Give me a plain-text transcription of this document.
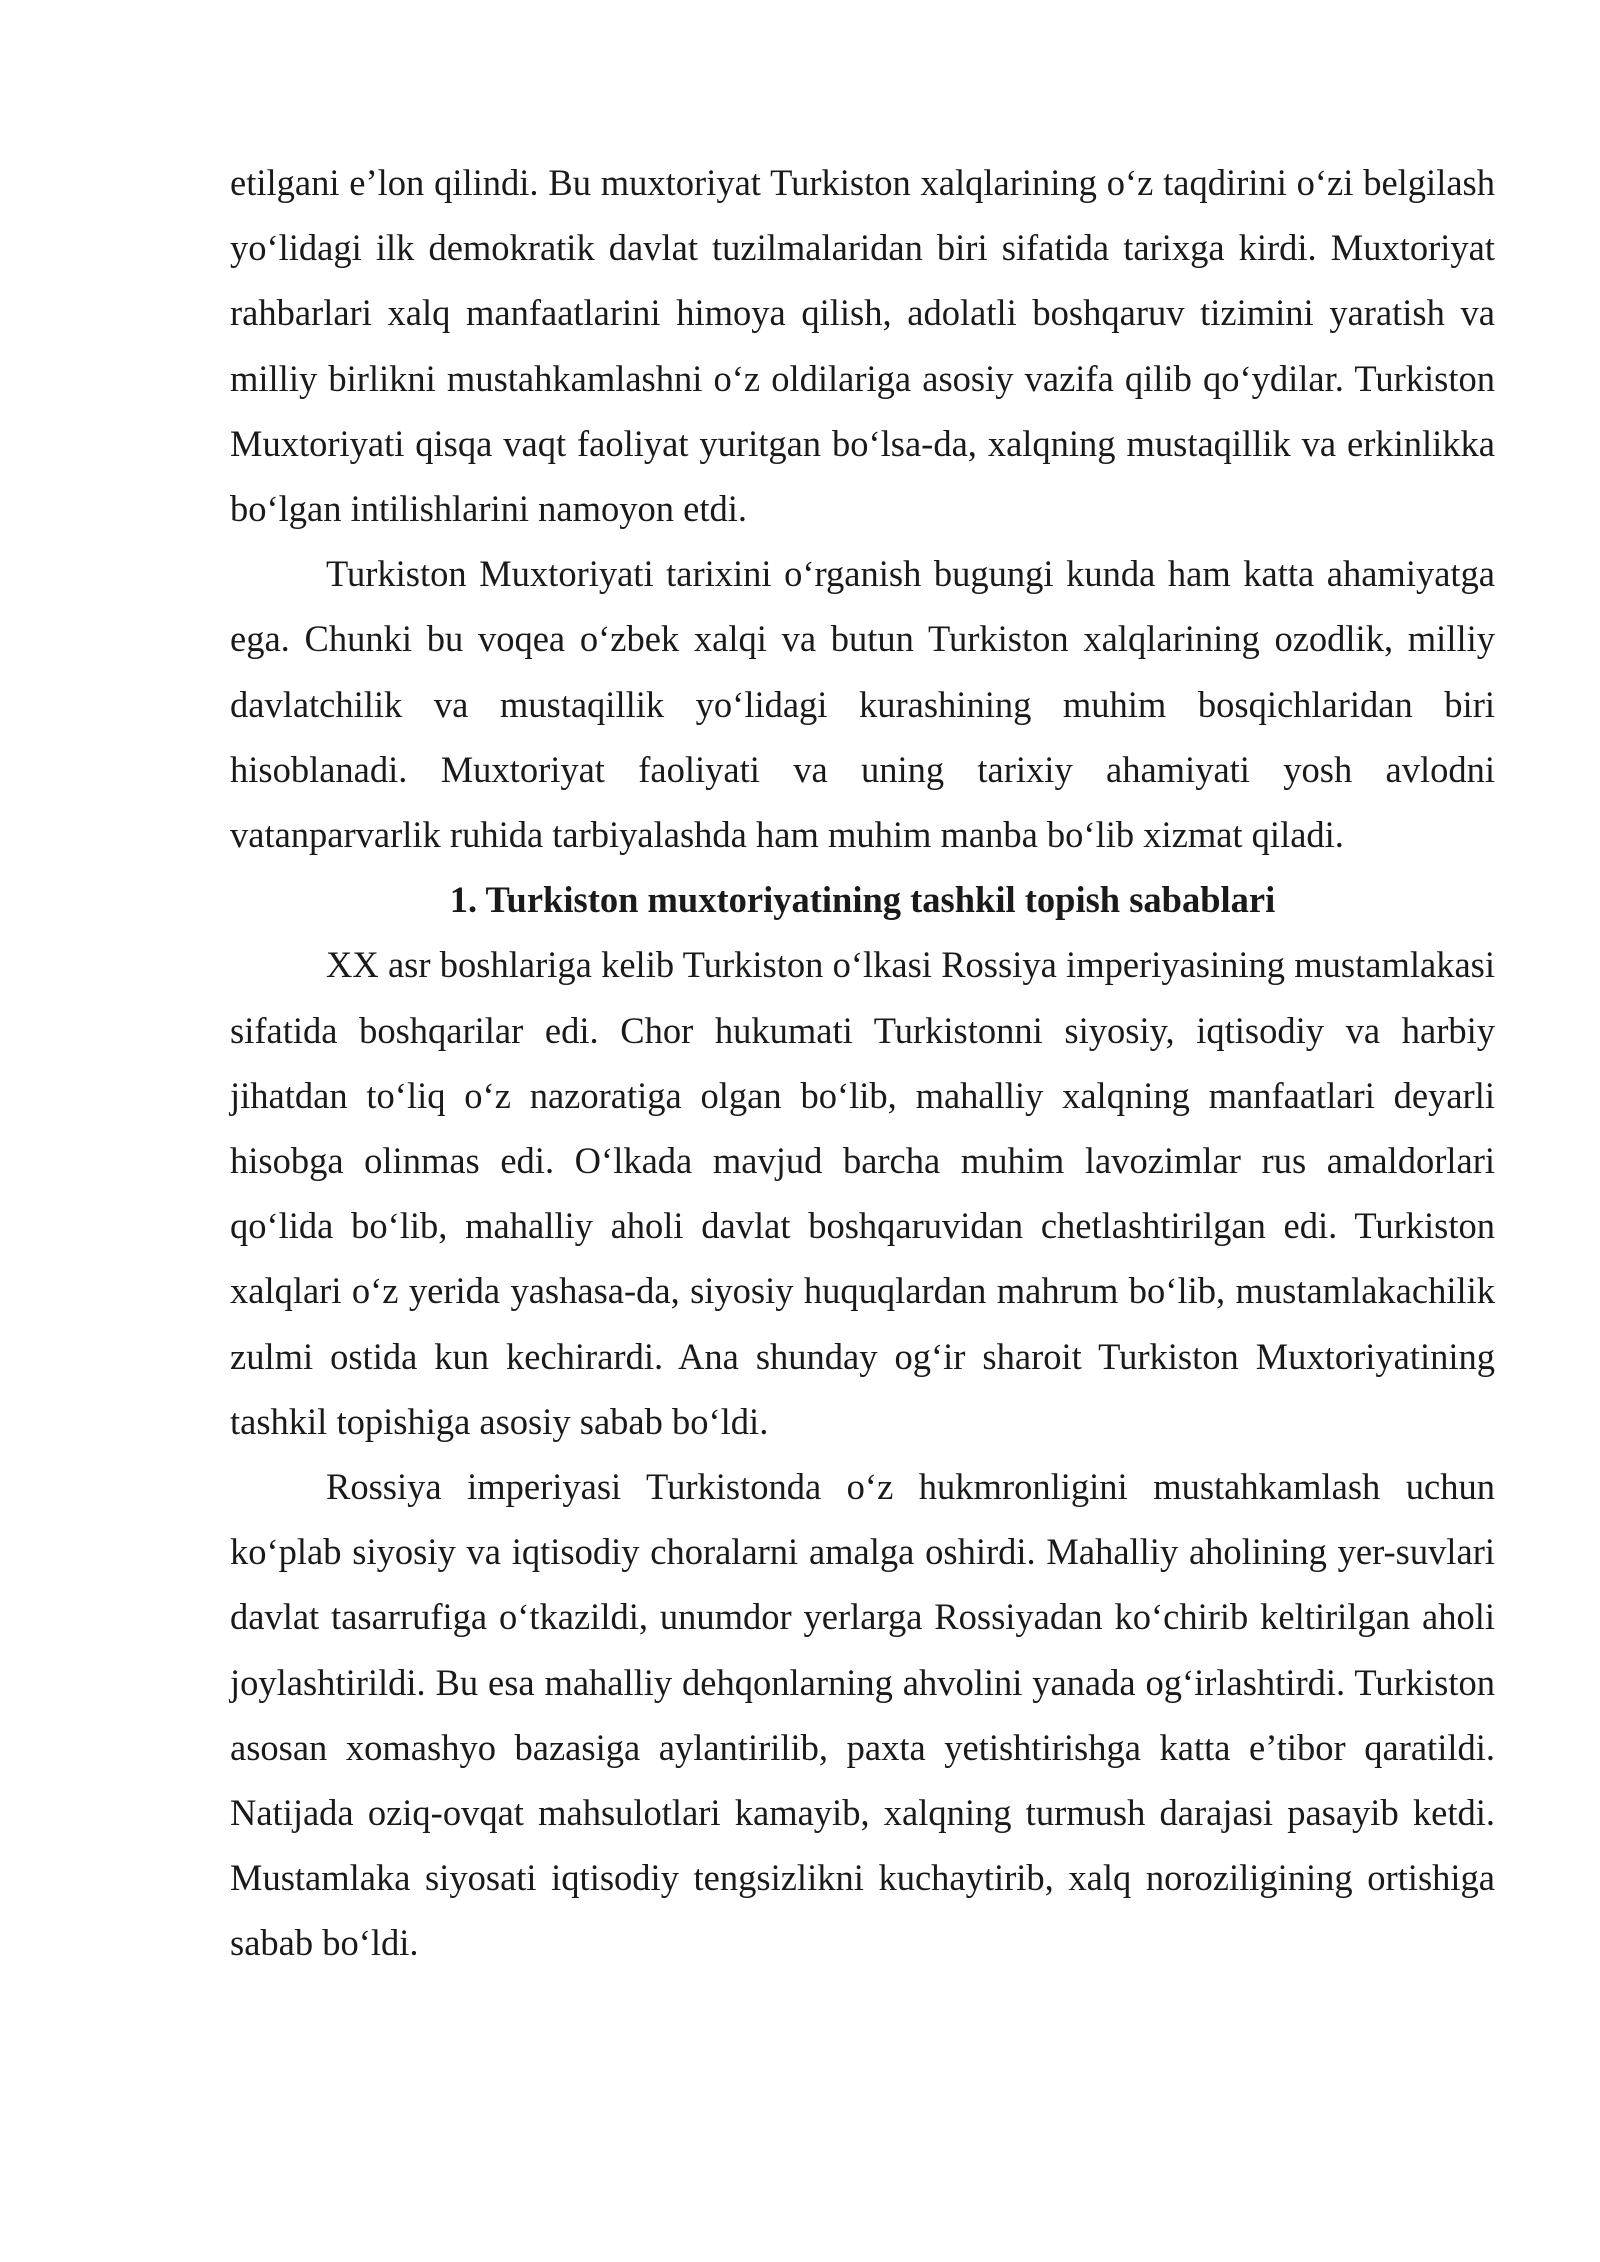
etilgani e’lon qilindi. Bu muxtoriyat Turkiston xalqlarining o‘z taqdirini o‘zi belgilash yo‘lidagi ilk demokratik davlat tuzilmalaridan biri sifatida tarixga kirdi. Muxtoriyat rahbarlari xalq manfaatlarini himoya qilish, adolatli boshqaruv tizimini yaratish va milliy birlikni mustahkamlashni o‘z oldilariga asosiy vazifa qilib qo‘ydilar. Turkiston Muxtoriyati qisqa vaqt faoliyat yuritgan bo‘lsa-da, xalqning mustaqillik va erkinlikka bo‘lgan intilishlarini namoyon etdi.

Turkiston Muxtoriyati tarixini o‘rganish bugungi kunda ham katta ahamiyatga ega. Chunki bu voqea o‘zbek xalqi va butun Turkiston xalqlarining ozodlik, milliy davlatchilik va mustaqillik yo‘lidagi kurashining muhim bosqichlaridan biri hisoblanadi. Muxtoriyat faoliyati va uning tarixiy ahamiyati yosh avlodni vatanparvarlik ruhida tarbiyalashda ham muhim manba bo‘lib xizmat qiladi.

1. Turkiston muxtoriyatining tashkil topish sabablari

XX asr boshlariga kelib Turkiston o‘lkasi Rossiya imperiyasining mustamlakasi sifatida boshqarilar edi. Chor hukumati Turkistonni siyosiy, iqtisodiy va harbiy jihatdan to‘liq o‘z nazoratiga olgan bo‘lib, mahalliy xalqning manfaatlari deyarli hisobga olinmas edi. O‘lkada mavjud barcha muhim lavozimlar rus amaldorlari qo‘lida bo‘lib, mahalliy aholi davlat boshqaruvidan chetlashtirilgan edi. Turkiston xalqlari o‘z yerida yashasa-da, siyosiy huquqlardan mahrum bo‘lib, mustamlakachilik zulmi ostida kun kechirardi. Ana shunday og‘ir sharoit Turkiston Muxtoriyatining tashkil topishiga asosiy sabab bo‘ldi.

Rossiya imperiyasi Turkistonda o‘z hukmronligini mustahkamlash uchun ko‘plab siyosiy va iqtisodiy choralarni amalga oshirdi. Mahalliy aholining yer-suvlari davlat tasarrufiga o‘tkazildi, unumdor yerlarga Rossiyadan ko‘chirib keltirilgan aholi joylashtirildi. Bu esa mahalliy dehqonlarning ahvolini yanada og‘irlashtirdi. Turkiston asosan xomashyo bazasiga aylantirilib, paxta yetishtirishga katta e’tibor qaratildi. Natijada oziq-ovqat mahsulotlari kamayib, xalqning turmush darajasi pasayib ketdi. Mustamlaka siyosati iqtisodiy tengsizlikni kuchaytirib, xalq noroziligining ortishiga sabab bo‘ldi.
